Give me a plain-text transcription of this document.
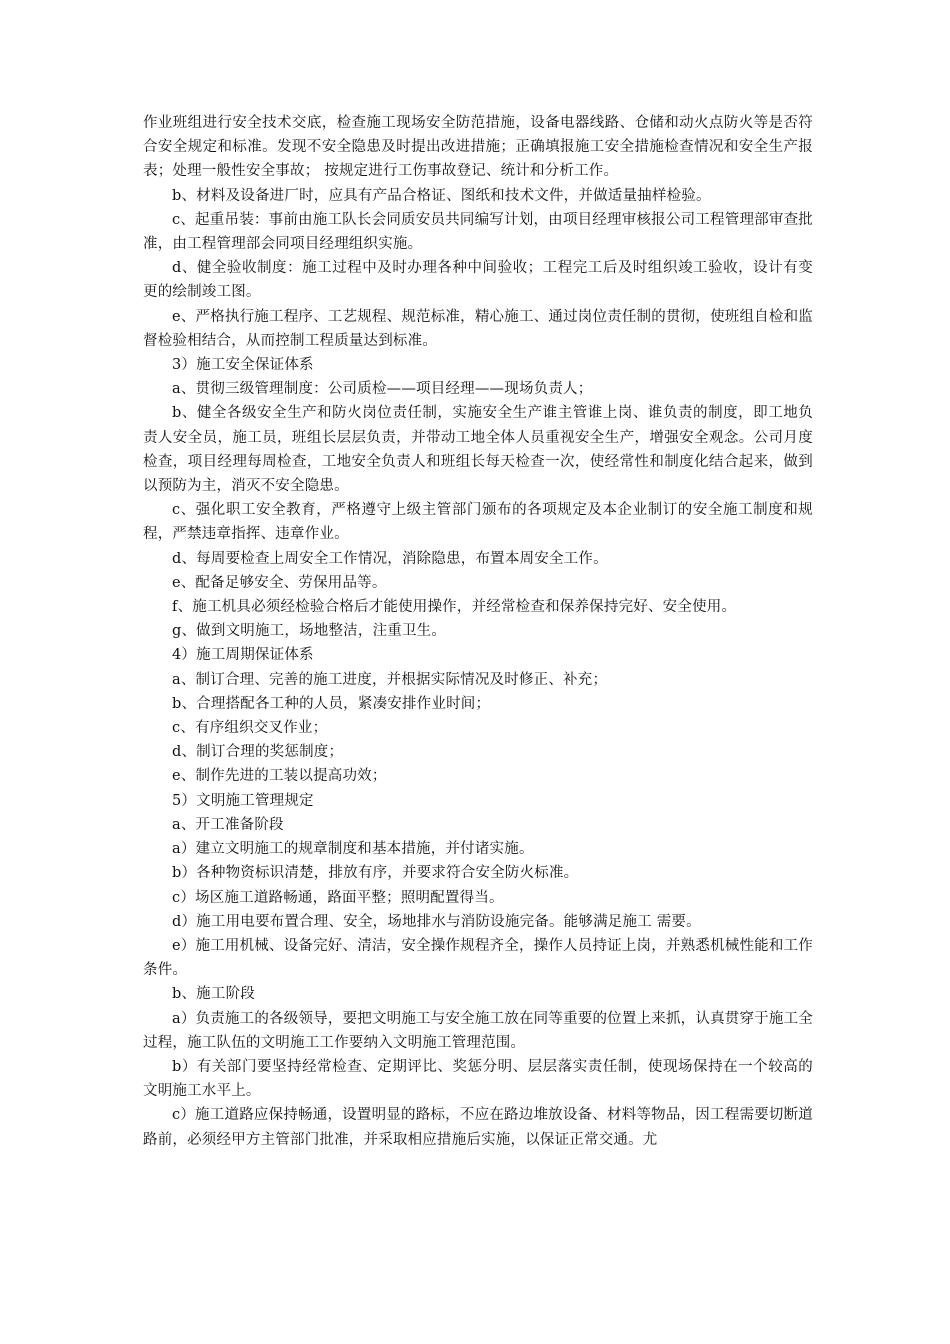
作业班组进行安全技术交底，检查施工现场安全防范措施，设备电器线路、仓储和动火点防火等是否符合安全规定和标准。发现不安全隐患及时提出改进措施；正确填报施工安全措施检查情况和安全生产报表；处理一般性安全事故； 按规定进行工伤事故登记、统计和分析工作。

b、材料及设备进厂时，应具有产品合格证、图纸和技术文件，并做适量抽样检验。

c、起重吊装：事前由施工队长会同质安员共同编写计划，由项目经理审核报公司工程管理部审查批准，由工程管理部会同项目经理组织实施。

d、健全验收制度：施工过程中及时办理各种中间验收；工程完工后及时组织竣工验收，设计有变更的绘制竣工图。

e、严格执行施工程序、工艺规程、规范标准，精心施工、通过岗位责任制的贯彻，使班组自检和监督检验相结合，从而控制工程质量达到标准。

3）施工安全保证体系

a、贯彻三级管理制度：公司质检——项目经理——现场负责人；

b、健全各级安全生产和防火岗位责任制，实施安全生产谁主管谁上岗、谁负责的制度，即工地负责人安全员，施工员，班组长层层负责，并带动工地全体人员重视安全生产，增强安全观念。公司月度检查，项目经理每周检查，工地安全负责人和班组长每天检查一次，使经常性和制度化结合起来，做到以预防为主，消灭不安全隐患。

c、强化职工安全教育，严格遵守上级主管部门颁布的各项规定及本企业制订的安全施工制度和规程，严禁违章指挥、违章作业。

d、每周要检查上周安全工作情况，消除隐患，布置本周安全工作。

e、配备足够安全、劳保用品等。

f、施工机具必须经检验合格后才能使用操作，并经常检查和保养保持完好、安全使用。

g、做到文明施工，场地整洁，注重卫生。

4）施工周期保证体系

a、制订合理、完善的施工进度，并根据实际情况及时修正、补充；

b、合理搭配各工种的人员，紧凑安排作业时间；

c、有序组织交叉作业；

d、制订合理的奖惩制度；

e、制作先进的工装以提高功效；

5）文明施工管理规定

a、开工准备阶段

a）建立文明施工的规章制度和基本措施，并付诸实施。

b）各种物资标识清楚，排放有序，并要求符合安全防火标准。

c）场区施工道路畅通，路面平整；照明配置得当。

d）施工用电要布置合理、安全，场地排水与消防设施完备。能够满足施工 需要。

e）施工用机械、设备完好、清洁，安全操作规程齐全，操作人员持证上岗，并熟悉机械性能和工作条件。

b、施工阶段

a）负责施工的各级领导，要把文明施工与安全施工放在同等重要的位置上来抓，认真贯穿于施工全过程，施工队伍的文明施工工作要纳入文明施工管理范围。

b）有关部门要坚持经常检查、定期评比、奖惩分明、层层落实责任制，使现场保持在一个较高的文明施工水平上。

c）施工道路应保持畅通，设置明显的路标，不应在路边堆放设备、材料等物品，因工程需要切断道路前，必须经甲方主管部门批准，并采取相应措施后实施，以保证正常交通。尤
